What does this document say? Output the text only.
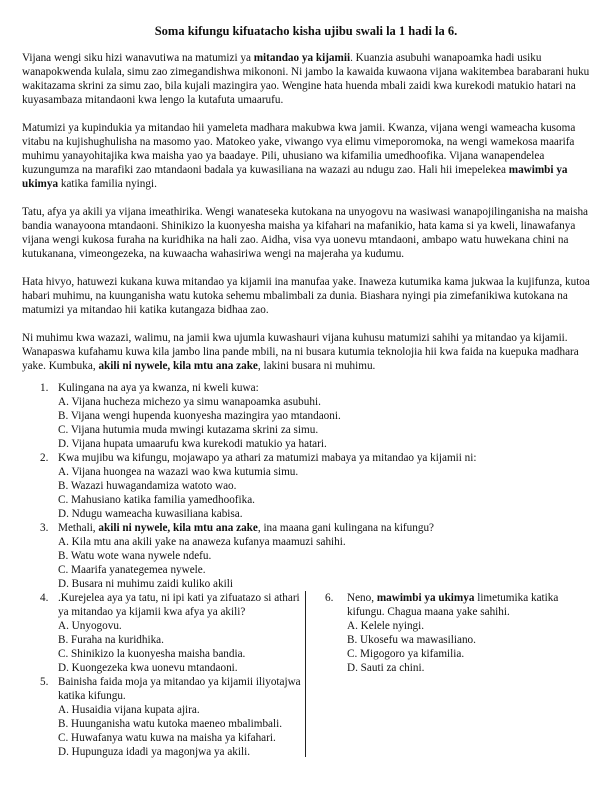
Soma kifungu kifuatacho kisha ujibu swali la 1 hadi la 6.

Vijana wengi siku hizi wanavutiwa na matumizi ya mitandao ya kijamii. Kuanzia asubuhi wanapoamka hadi usiku wanapokwenda kulala, simu zao zimegandishwa mikononi. Ni jambo la kawaida kuwaona vijana wakitembea barabarani huku wakitazama skrini za simu zao, bila kujali mazingira yao. Wengine hata huenda mbali zaidi kwa kurekodi matukio hatari na kuyasambaza mitandaoni kwa lengo la kutafuta umaarufu.

Matumizi ya kupindukia ya mitandao hii yameleta madhara makubwa kwa jamii. Kwanza, vijana wengi wameacha kusoma vitabu na kujishughulisha na masomo yao. Matokeo yake, viwango vya elimu vimeporomoka, na wengi wamekosa maarifa muhimu yanayohitajika kwa maisha yao ya baadaye. Pili, uhusiano wa kifamilia umedhoofika. Vijana wanapendelea kuzungumza na marafiki zao mtandaoni badala ya kuwasiliana na wazazi au ndugu zao. Hali hii imepelekea mawimbi ya ukimya katika familia nyingi.

Tatu, afya ya akili ya vijana imeathirika. Wengi wanateseka kutokana na unyogovu na wasiwasi wanapojilinganisha na maisha bandia wanayoona mtandaoni. Shinikizo la kuonyesha maisha ya kifahari na mafanikio, hata kama si ya kweli, linawafanya vijana wengi kukosa furaha na kuridhika na hali zao. Aidha, visa vya uonevu mtandaoni, ambapo watu huwekana chini na kutukanana, vimeongezeka, na kuwaacha wahasiriwa wengi na majeraha ya kudumu.

Hata hivyo, hatuwezi kukana kuwa mitandao ya kijamii ina manufaa yake. Inaweza kutumika kama jukwaa la kujifunza, kutoa habari muhimu, na kuunganisha watu kutoka sehemu mbalimbali za dunia. Biashara nyingi pia zimefanikiwa kutokana na matumizi ya mitandao hii katika kutangaza bidhaa zao.

Ni muhimu kwa wazazi, walimu, na jamii kwa ujumla kuwashauri vijana kuhusu matumizi sahihi ya mitandao ya kijamii. Wanapaswa kufahamu kuwa kila jambo lina pande mbili, na ni busara kutumia teknolojia hii kwa faida na kuepuka madhara yake. Kumbuka, akili ni nywele, kila mtu ana zake, lakini busara ni muhimu.

1. Kulingana na aya ya kwanza, ni kweli kuwa:
A. Vijana hucheza michezo ya simu wanapoamka asubuhi.
B. Vijana wengi hupenda kuonyesha mazingira yao mtandaoni.
C. Vijana hutumia muda mwingi kutazama skrini za simu.
D. Vijana hupata umaarufu kwa kurekodi matukio ya hatari.
2. Kwa mujibu wa kifungu, mojawapo ya athari za matumizi mabaya ya mitandao ya kijamii ni:
A. Vijana huongea na wazazi wao kwa kutumia simu.
B. Wazazi huwagandamiza watoto wao.
C. Mahusiano katika familia yamedhoofika.
D. Ndugu wameacha kuwasiliana kabisa.
3. Methali, akili ni nywele, kila mtu ana zake, ina maana gani kulingana na kifungu?
A. Kila mtu ana akili yake na anaweza kufanya maamuzi sahihi.
B. Watu wote wana nywele ndefu.
C. Maarifa yanategemea nywele.
D. Busara ni muhimu zaidi kuliko akili
4. .Kurejelea aya ya tatu, ni ipi kati ya zifuatazo si athari ya mitandao ya kijamii kwa afya ya akili?
A. Unyogovu.
B. Furaha na kuridhika.
C. Shinikizo la kuonyesha maisha bandia.
D. Kuongezeka kwa uonevu mtandaoni.
5. Bainisha faida moja ya mitandao ya kijamii iliyotajwa katika kifungu.
A. Husaidia vijana kupata ajira.
B. Huunganisha watu kutoka maeneo mbalimbali.
C. Huwafanya watu kuwa na maisha ya kifahari.
D. Hupunguza idadi ya magonjwa ya akili.
6. Neno, mawimbi ya ukimya limetumika katika kifungu. Chagua maana yake sahihi.
A. Kelele nyingi.
B. Ukosefu wa mawasiliano.
C. Migogoro ya kifamilia.
D. Sauti za chini.
